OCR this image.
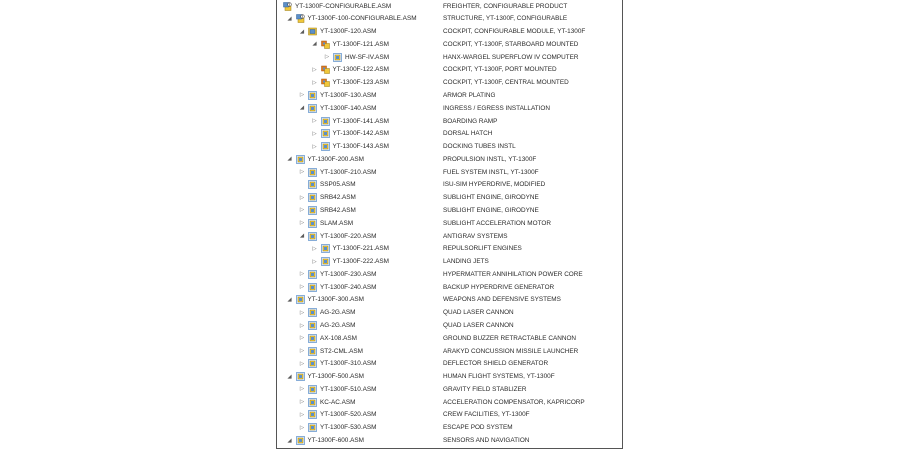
YT-1300F-CONFIGURABLE.ASM	FREIGHTER, CONFIGURABLE PRODUCT
◢ YT-1300F-100-CONFIGURABLE.ASM	STRUCTURE, YT-1300F, CONFIGURABLE
◢ YT-1300F-120.ASM	COCKPIT, CONFIGURABLE MODULE, YT-1300F
◢ YT-1300F-121.ASM	COCKPIT, YT-1300F, STARBOARD MOUNTED
▷ HW-SF-IV.ASM	HANX-WARGEL SUPERFLOW IV COMPUTER
▷ YT-1300F-122.ASM	COCKPIT, YT-1300F, PORT MOUNTED
▷ YT-1300F-123.ASM	COCKPIT, YT-1300F, CENTRAL MOUNTED
▷ YT-1300F-130.ASM	ARMOR PLATING
◢ YT-1300F-140.ASM	INGRESS / EGRESS INSTALLATION
▷ YT-1300F-141.ASM	BOARDING RAMP
▷ YT-1300F-142.ASM	DORSAL HATCH
▷ YT-1300F-143.ASM	DOCKING TUBES INSTL
◢ YT-1300F-200.ASM	PROPULSION INSTL, YT-1300F
▷ YT-1300F-210.ASM	FUEL SYSTEM INSTL, YT-1300F
SSP05.ASM	ISU-SIM HYPERDRIVE, MODIFIED
▷ SRB42.ASM	SUBLIGHT ENGINE, GIRODYNE
▷ SRB42.ASM	SUBLIGHT ENGINE, GIRODYNE
▷ SLAM.ASM	SUBLIGHT ACCELERATION MOTOR
◢ YT-1300F-220.ASM	ANTIGRAV SYSTEMS
▷ YT-1300F-221.ASM	REPULSORLIFT ENGINES
▷ YT-1300F-222.ASM	LANDING JETS
▷ YT-1300F-230.ASM	HYPERMATTER ANNIHILATION POWER CORE
▷ YT-1300F-240.ASM	BACKUP HYPERDRIVE GENERATOR
◢ YT-1300F-300.ASM	WEAPONS AND DEFENSIVE SYSTEMS
▷ AG-2G.ASM	QUAD LASER CANNON
▷ AG-2G.ASM	QUAD LASER CANNON
▷ AX-108.ASM	GROUND BUZZER RETRACTABLE CANNON
▷ ST2-CML.ASM	ARAKYD CONCUSSION MISSILE LAUNCHER
▷ YT-1300F-310.ASM	DEFLECTOR SHIELD GENERATOR
◢ YT-1300F-500.ASM	HUMAN FLIGHT SYSTEMS, YT-1300F
▷ YT-1300F-510.ASM	GRAVITY FIELD STABLIZER
▷ KC-AC.ASM	ACCELERATION COMPENSATOR, KAPRICORP
▷ YT-1300F-520.ASM	CREW FACILITIES, YT-1300F
▷ YT-1300F-530.ASM	ESCAPE POD SYSTEM
◢ YT-1300F-600.ASM	SENSORS AND NAVIGATION
